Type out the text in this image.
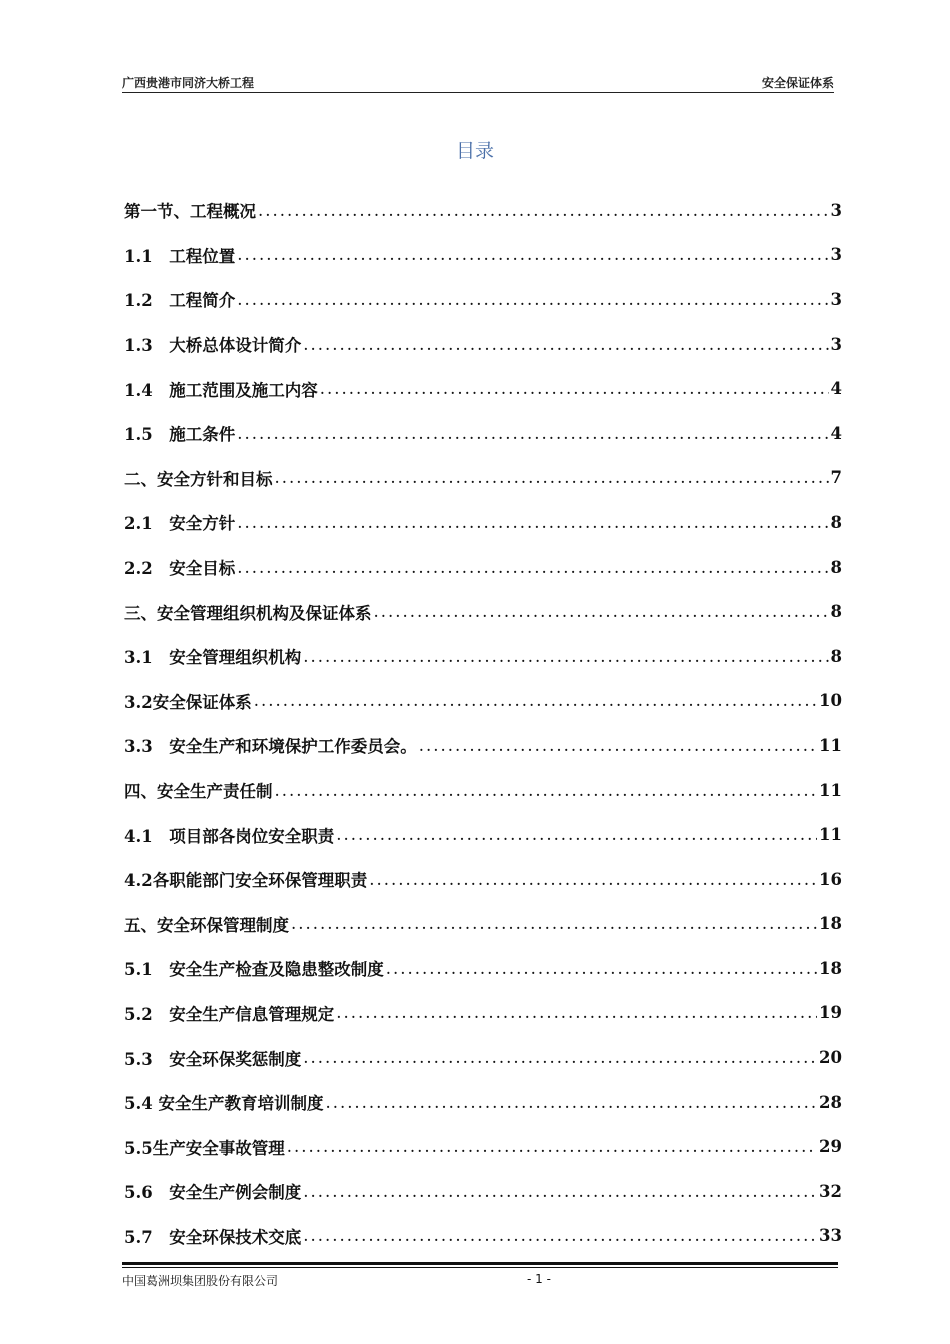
广西贵港市同济大桥工程	安全保证体系
目录
第一节、工程概况 .....	3
1.1　工程位置 .....	3
1.2　工程简介 .....	3
1.3　大桥总体设计简介 .....	3
1.4　施工范围及施工内容 .....	4
1.5　施工条件 .....	4
二、安全方针和目标 .....	7
2.1　安全方针 .....	8
2.2　安全目标 .....	8
三、安全管理组织机构及保证体系 .....	8
3.1　安全管理组织机构 .....	8
3.2安全保证体系 .....	10
3.3　安全生产和环境保护工作委员会。 .....	11
四、安全生产责任制 .....	11
4.1　项目部各岗位安全职责 .....	11
4.2各职能部门安全环保管理职责 .....	16
五、安全环保管理制度 .....	18
5.1　安全生产检查及隐患整改制度 .....	18
5.2　安全生产信息管理规定 .....	19
5.3　安全环保奖惩制度 .....	20
5.4 安全生产教育培训制度 .....	28
5.5生产安全事故管理 .....	29
5.6　安全生产例会制度 .....	32
5.7　安全环保技术交底 .....	33
中国葛洲坝集团股份有限公司	- 1 -
